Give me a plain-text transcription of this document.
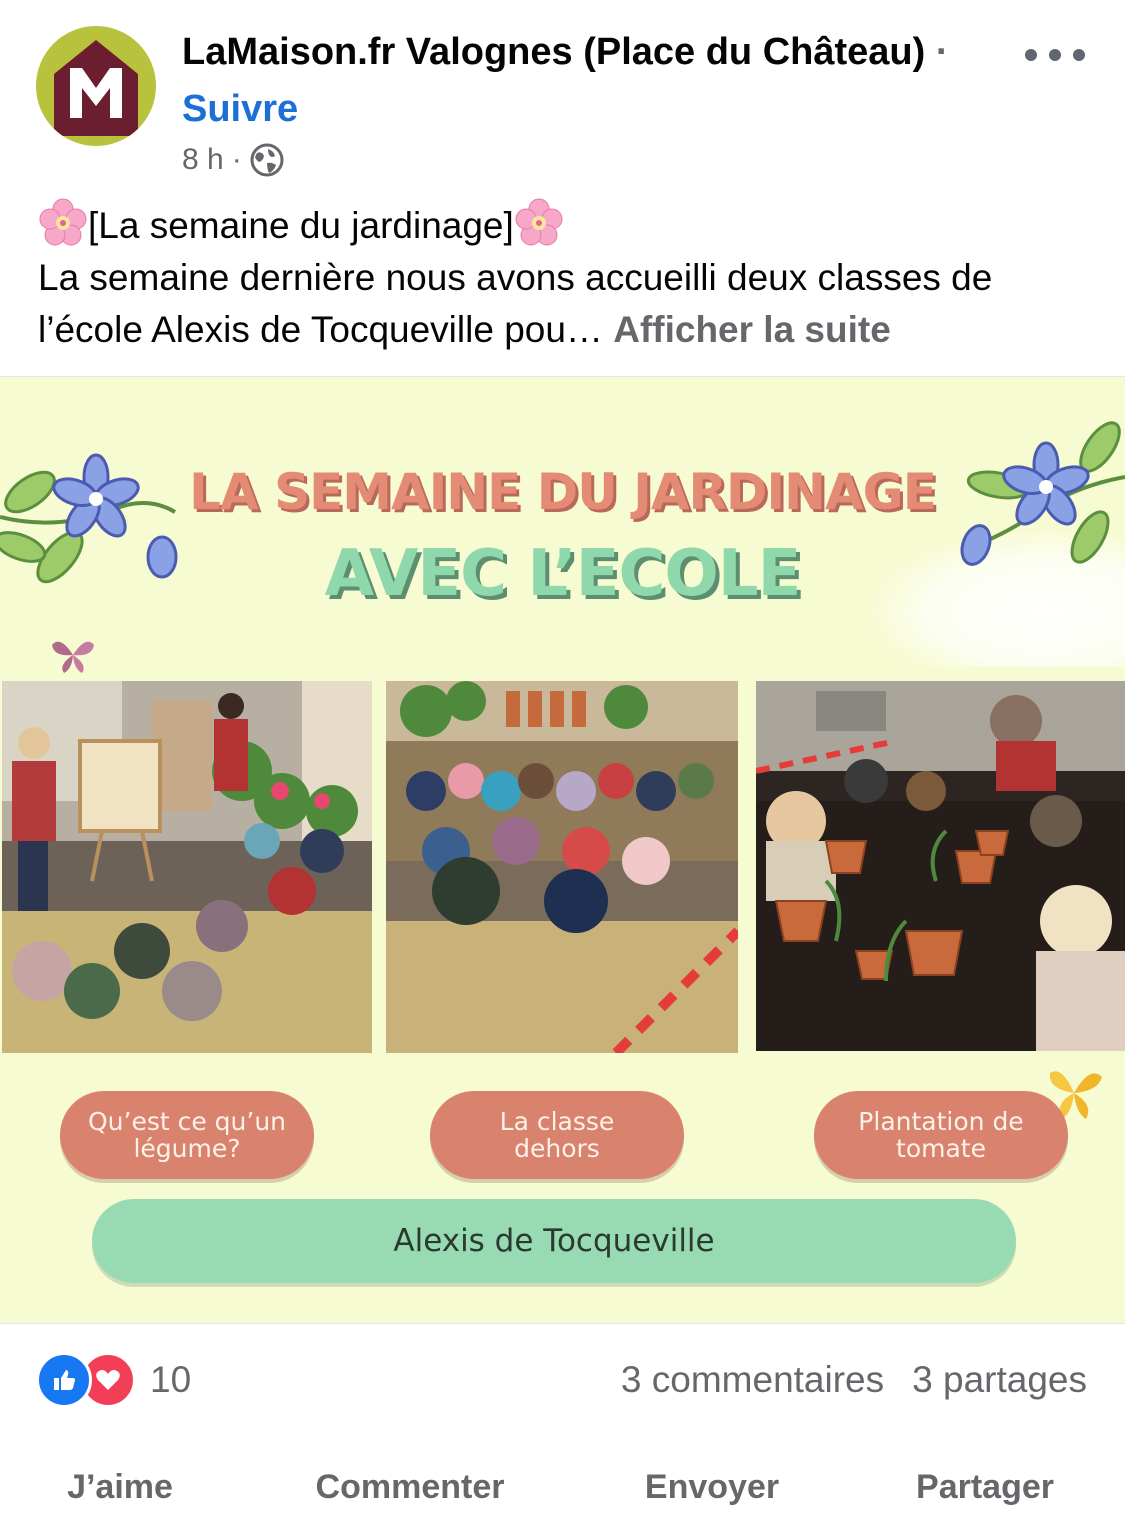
LaMaison.fr Valognes (Place du Château) · Suivre
8 h ·
[La semaine du jardinage]
La semaine dernière nous avons accueilli deux classes de l’école Alexis de Tocqueville pou… Afficher la suite
LA SEMAINE DU JARDINAGE
AVEC L’ECOLE
Qu’est ce qu’un
légume?
La classe
dehors
Plantation de
tomate
Alexis de Tocqueville
10	3 commentaires 3 partages
J’aime	Commenter	Envoyer	Partager
